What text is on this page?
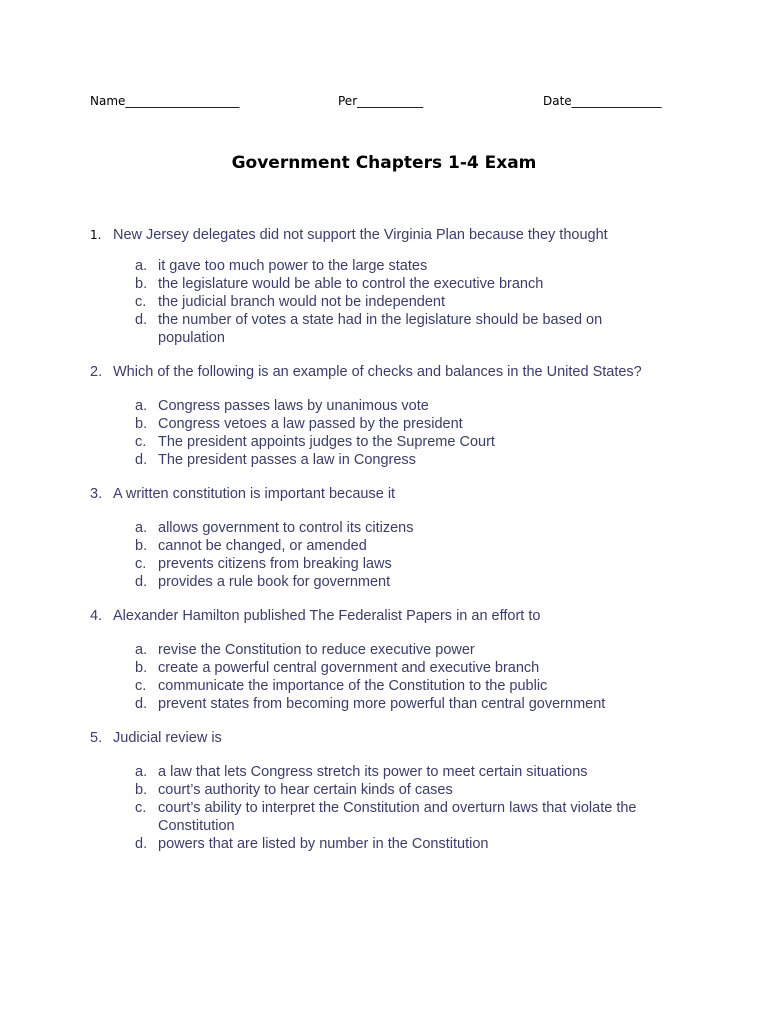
Name___________________	Per___________	Date_______________
Government Chapters 1-4 Exam
1. New Jersey delegates did not support the Virginia Plan because they thought
a. it gave too much power to the large states
b. the legislature would be able to control the executive branch
c. the judicial branch would not be independent
d. the number of votes a state had in the legislature should be based on population
2. Which of the following is an example of checks and balances in the United States?
a. Congress passes laws by unanimous vote
b. Congress vetoes a law passed by the president
c. The president appoints judges to the Supreme Court
d. The president passes a law in Congress
3. A written constitution is important because it
a. allows government to control its citizens
b. cannot be changed, or amended
c. prevents citizens from breaking laws
d. provides a rule book for government
4. Alexander Hamilton published The Federalist Papers in an effort to
a. revise the Constitution to reduce executive power
b. create a powerful central government and executive branch
c. communicate the importance of the Constitution to the public
d. prevent states from becoming more powerful than central government
5. Judicial review is
a. a law that lets Congress stretch its power to meet certain situations
b. court’s authority to hear certain kinds of cases
c. court’s ability to interpret the Constitution and overturn laws that violate the Constitution
d. powers that are listed by number in the Constitution
